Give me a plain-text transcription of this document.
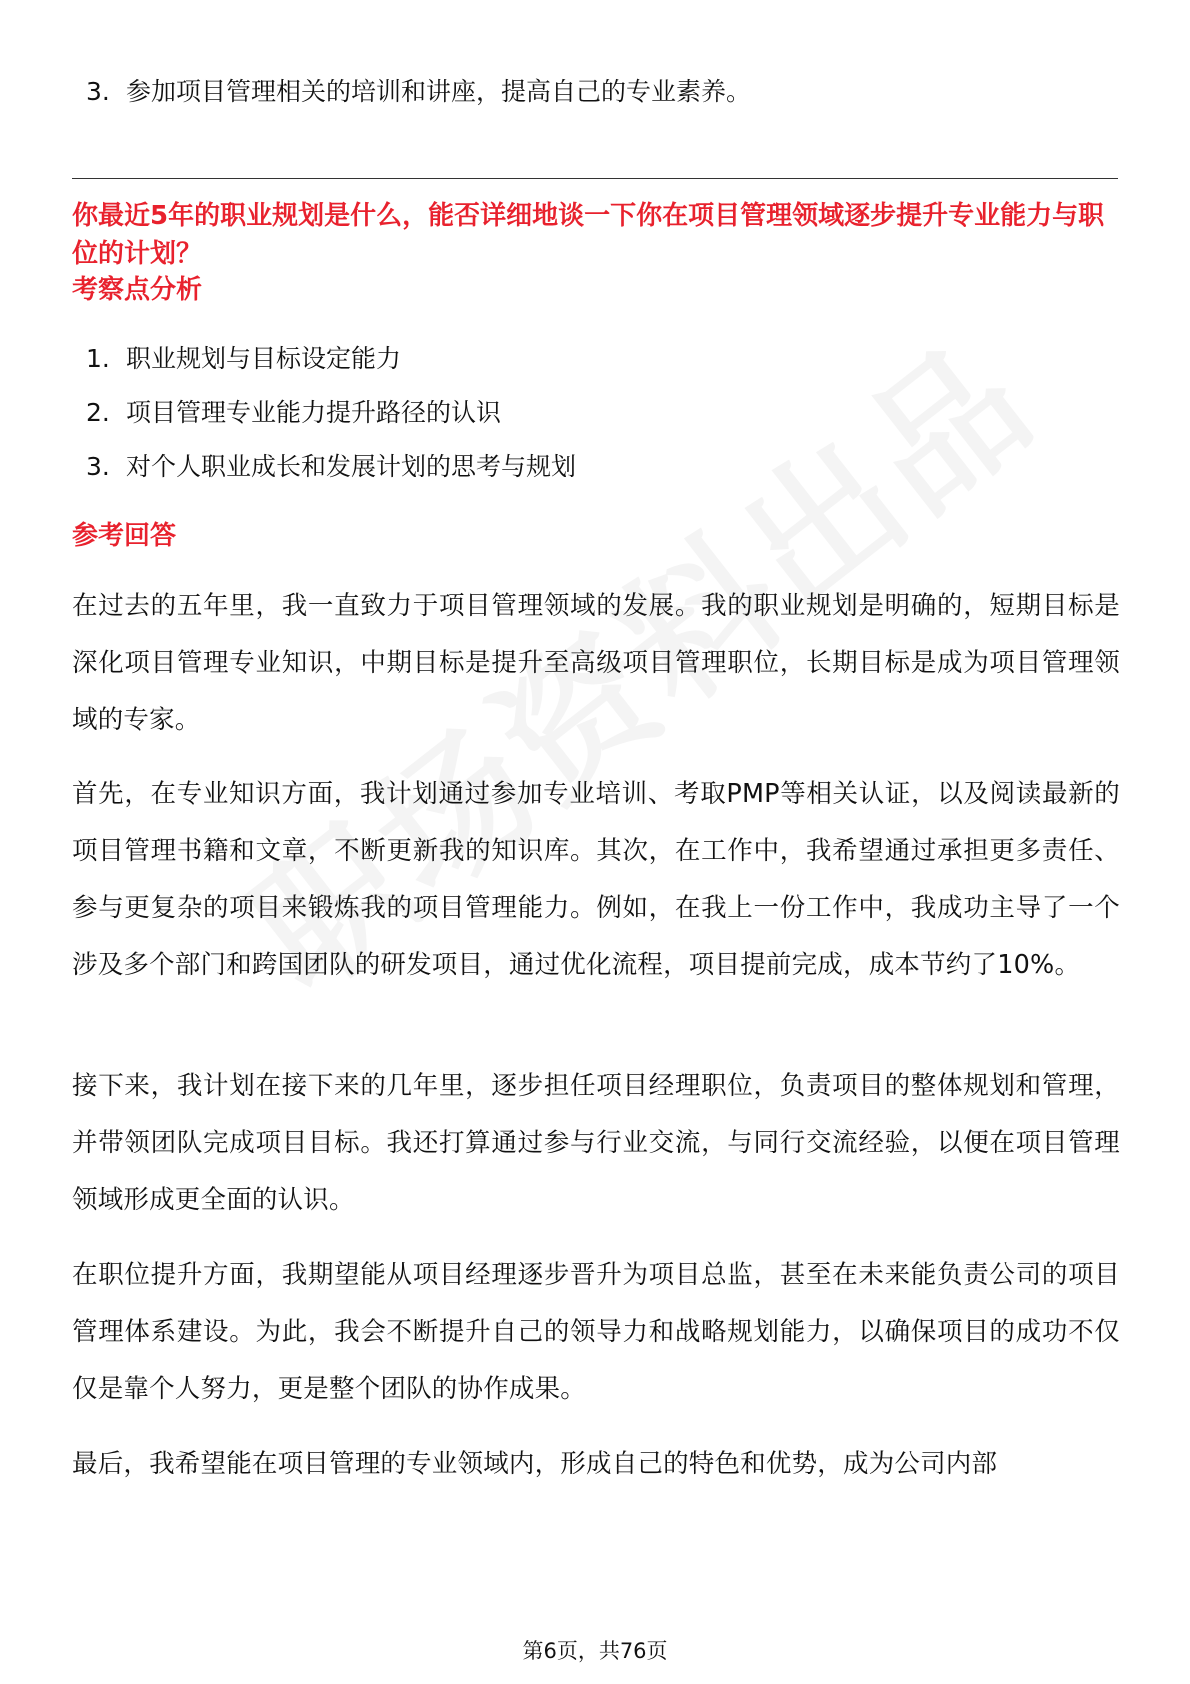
3. 参加项目管理相关的培训和讲座，提高自己的专业素养。
你最近5年的职业规划是什么，能否详细地谈一下你在项目管理领域逐步提升专业能力与职位的计划？
考察点分析
1. 职业规划与目标设定能力
2. 项目管理专业能力提升路径的认识
3. 对个人职业成长和发展计划的思考与规划
参考回答
在过去的五年里，我一直致力于项目管理领域的发展。我的职业规划是明确的，短期目标是深化项目管理专业知识，中期目标是提升至高级项目管理职位，长期目标是成为项目管理领域的专家。
首先，在专业知识方面，我计划通过参加专业培训、考取PMP等相关认证，以及阅读最新的项目管理书籍和文章，不断更新我的知识库。其次，在工作中，我希望通过承担更多责任、参与更复杂的项目来锻炼我的项目管理能力。例如，在我上一份工作中，我成功主导了一个涉及多个部门和跨国团队的研发项目，通过优化流程，项目提前完成，成本节约了10%。
接下来，我计划在接下来的几年里，逐步担任项目经理职位，负责项目的整体规划和管理，并带领团队完成项目目标。我还打算通过参与行业交流，与同行交流经验，以便在项目管理领域形成更全面的认识。
在职位提升方面，我期望能从项目经理逐步晋升为项目总监，甚至在未来能负责公司的项目管理体系建设。为此，我会不断提升自己的领导力和战略规划能力，以确保项目的成功不仅仅是靠个人努力，更是整个团队的协作成果。
最后，我希望能在项目管理的专业领域内，形成自己的特色和优势，成为公司内部
第6页，共76页
